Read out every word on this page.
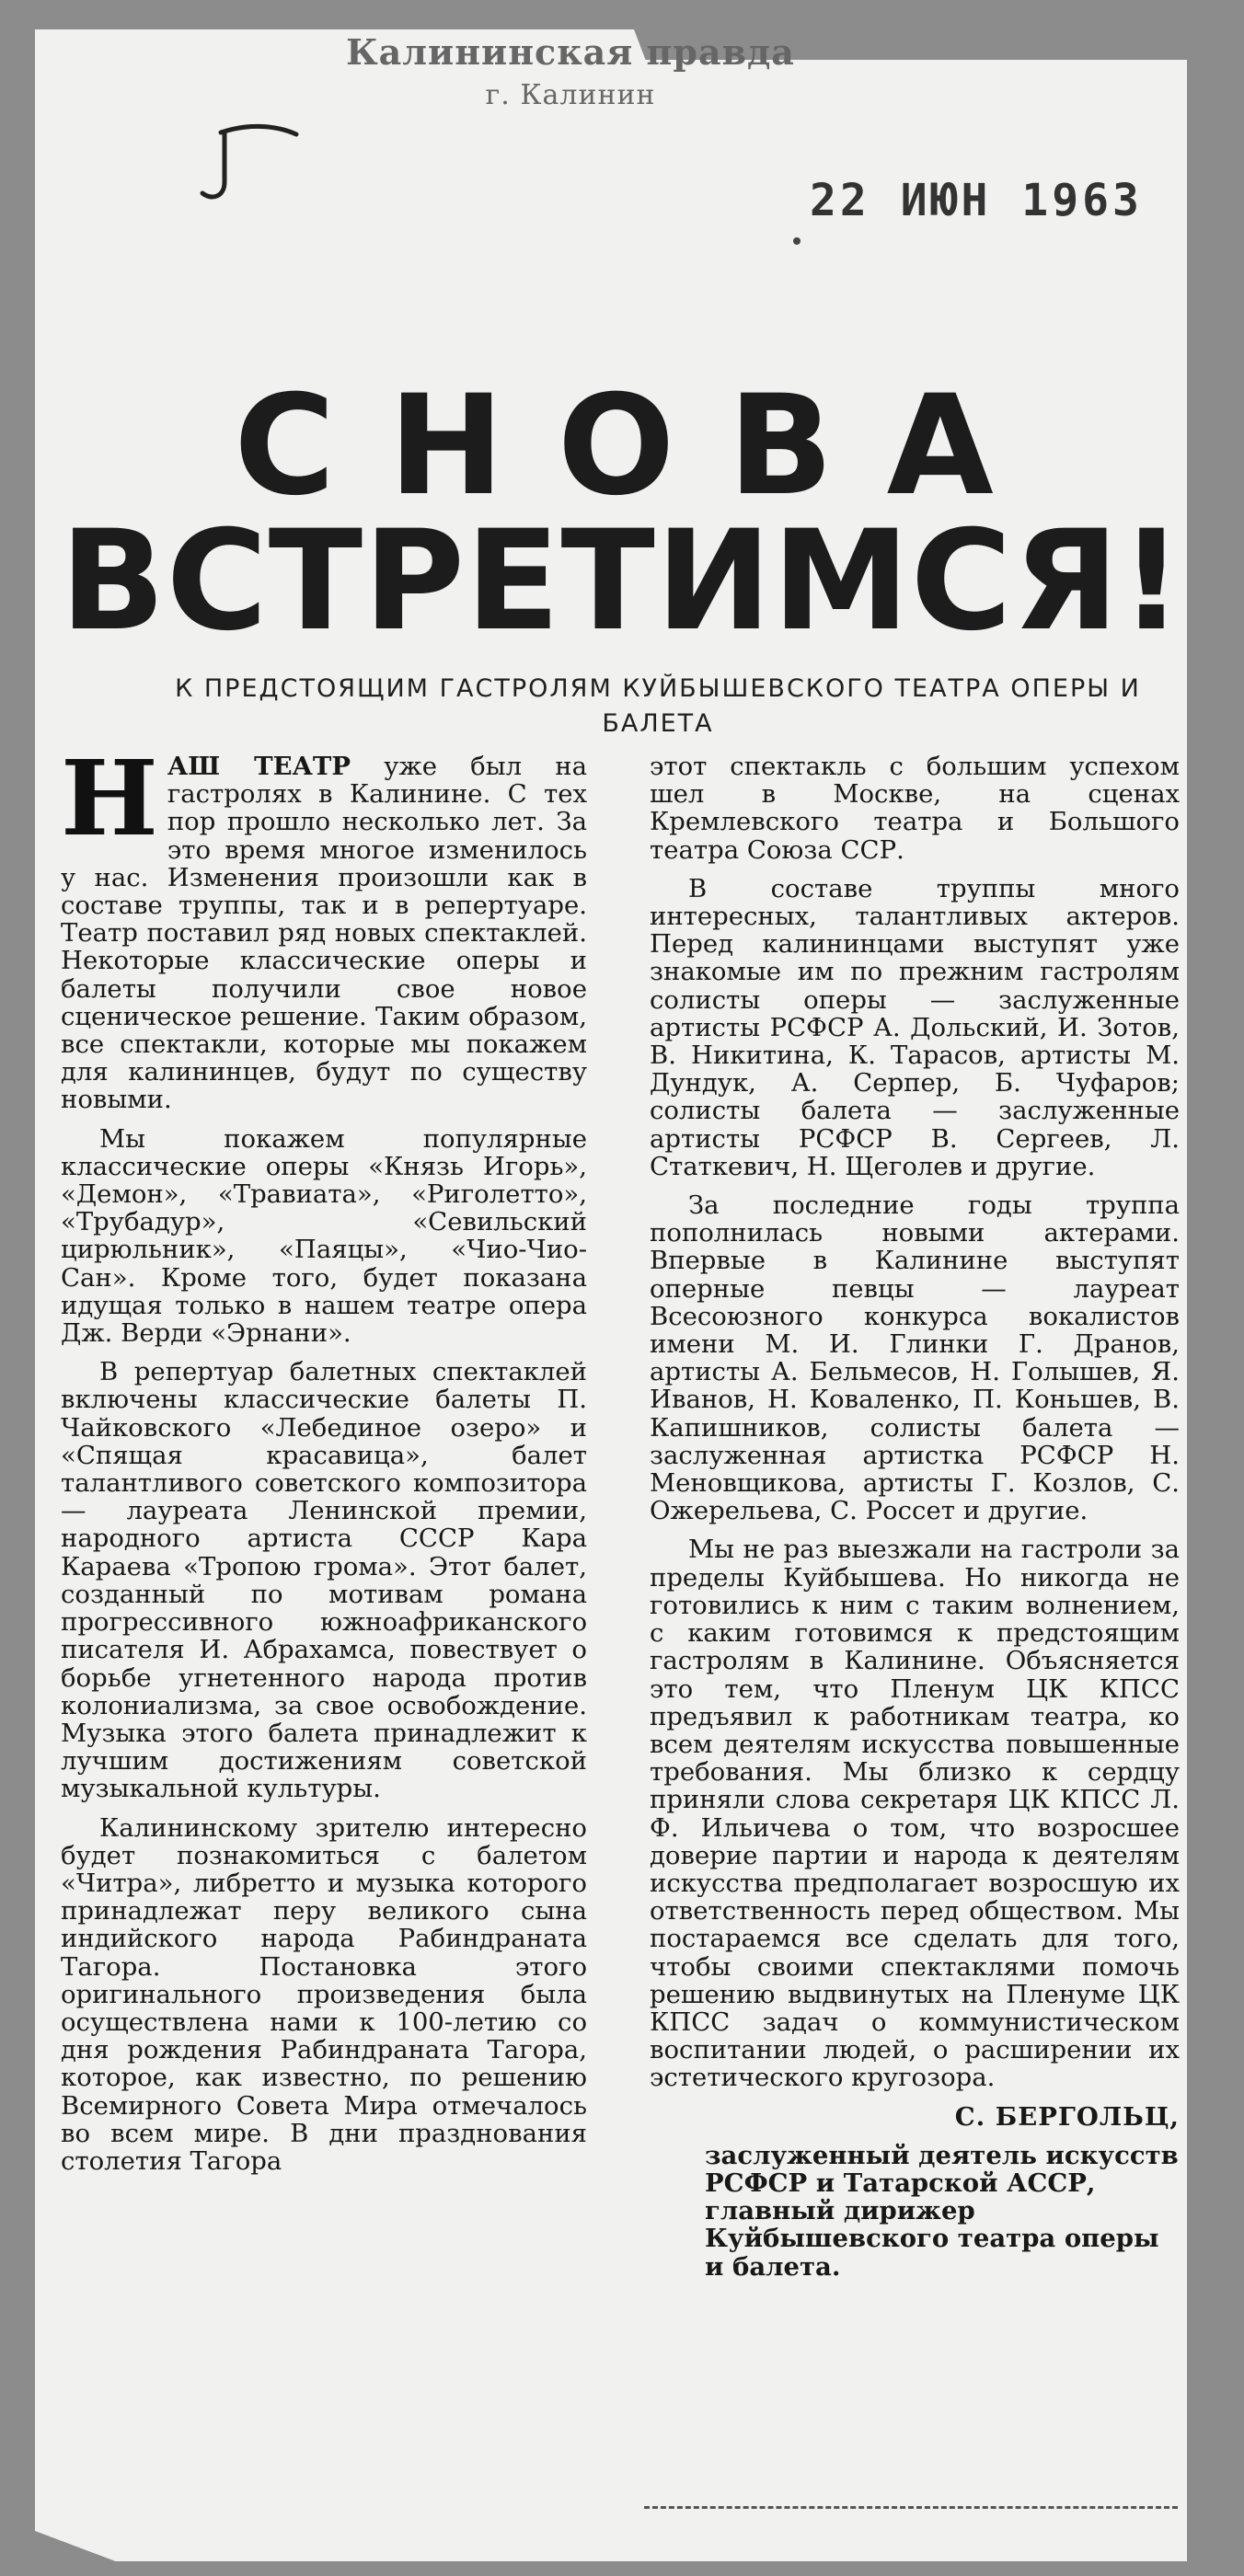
Калининская правда
г. Калинин
22 ИЮН 1963
СНОВА
ВСТРЕТИМСЯ!
К ПРЕДСТОЯЩИМ ГАСТРОЛЯМ КУЙБЫШЕВСКОГО ТЕАТРА ОПЕРЫ И БАЛЕТА

НАШ ТЕАТР уже был на гастролях в Калинине. С тех пор прошло несколько лет. За это время многое изменилось у нас. Изменения произошли как в составе труппы, так и в репертуаре. Театр поставил ряд новых спектаклей. Некоторые классические оперы и балеты получили свое новое сценическое решение. Таким образом, все спектакли, которые мы покажем для калининцев, будут по существу новыми.

Мы покажем популярные классические оперы «Князь Игорь», «Демон», «Травиата», «Риголетто», «Трубадур», «Севильский цирюльник», «Паяцы», «Чио-Чио-Сан». Кроме того, будет показана идущая только в нашем театре опера Дж. Верди «Эрнани».

В репертуар балетных спектаклей включены классические балеты П. Чайковского «Лебединое озеро» и «Спящая красавица», балет талантливого советского композитора — лауреата Ленинской премии, народного артиста СССР Кара Караева «Тропою грома». Этот балет, созданный по мотивам романа прогрессивного южноафриканского писателя И. Абрахамса, повествует о борьбе угнетенного народа против колониализма, за свое освобождение. Музыка этого балета принадлежит к лучшим достижениям советской музыкальной культуры.

Калининскому зрителю интересно будет познакомиться с балетом «Читра», либретто и музыка которого принадлежат перу великого сына индийского народа Рабиндраната Тагора. Постановка этого оригинального произведения была осуществлена нами к 100-летию со дня рождения Рабиндраната Тагора, которое, как известно, по решению Всемирного Совета Мира отмечалось во всем мире. В дни празднования столетия Тагора

этот спектакль с большим успехом шел в Москве, на сценах Кремлевского театра и Большого театра Союза ССР.

В составе труппы много интересных, талантливых актеров. Перед калининцами выступят уже знакомые им по прежним гастролям солисты оперы — заслуженные артисты РСФСР А. Дольский, И. Зотов, В. Никитина, К. Тарасов, артисты М. Дундук, А. Серпер, Б. Чуфаров; солисты балета — заслуженные артисты РСФСР В. Сергеев, Л. Статкевич, Н. Щеголев и другие.

За последние годы труппа пополнилась новыми актерами. Впервые в Калинине выступят оперные певцы — лауреат Всесоюзного конкурса вокалистов имени М. И. Глинки Г. Дранов, артисты А. Бельмесов, Н. Голышев, Я. Иванов, Н. Коваленко, П. Коньшев, В. Капишников, солисты балета — заслуженная артистка РСФСР Н. Меновщикова, артисты Г. Козлов, С. Ожерельева, С. Россет и другие.

Мы не раз выезжали на гастроли за пределы Куйбышева. Но никогда не готовились к ним с таким волнением, с каким готовимся к предстоящим гастролям в Калинине. Объясняется это тем, что Пленум ЦК КПСС предъявил к работникам театра, ко всем деятелям искусства повышенные требования. Мы близко к сердцу приняли слова секретаря ЦК КПСС Л. Ф. Ильичева о том, что возросшее доверие партии и народа к деятелям искусства предполагает возросшую их ответственность перед обществом. Мы постараемся все сделать для того, чтобы своими спектаклями помочь решению выдвинутых на Пленуме ЦК КПСС задач о коммунистическом воспитании людей, о расширении их эстетического кругозора.

С. БЕРГОЛЬЦ,

заслуженный деятель искусств РСФСР и Татарской АССР, главный дирижер Куйбышевского театра оперы и балета.
